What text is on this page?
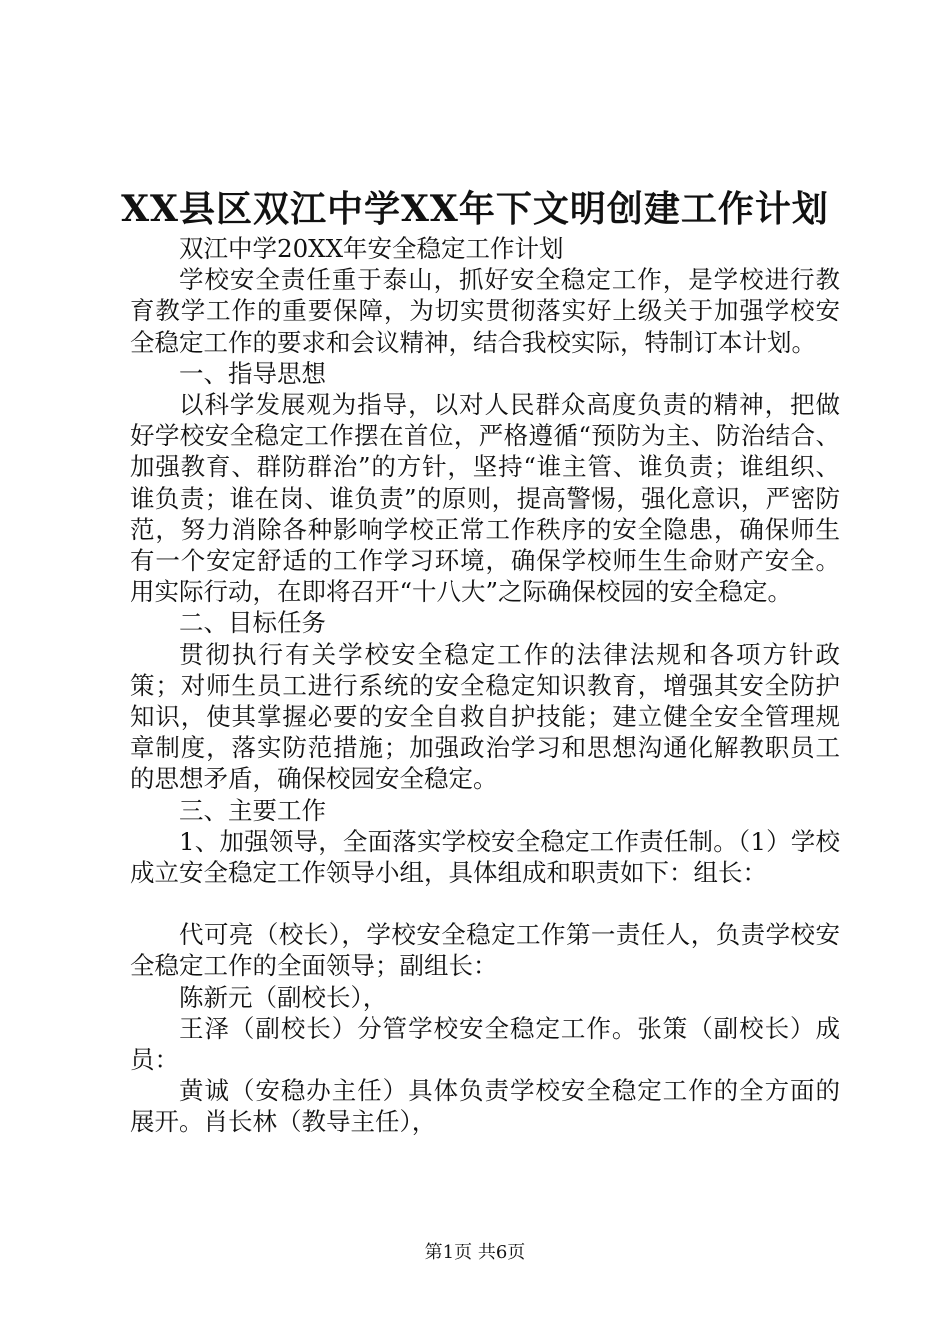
XX县区双江中学XX年下文明创建工作计划

双江中学20XX年安全稳定工作计划

学校安全责任重于泰山，抓好安全稳定工作，是学校进行教育教学工作的重要保障，为切实贯彻落实好上级关于加强学校安全稳定工作的要求和会议精神，结合我校实际，特制订本计划。

一、指导思想

以科学发展观为指导，以对人民群众高度负责的精神，把做好学校安全稳定工作摆在首位，严格遵循“预防为主、防治结合、加强教育、群防群治”的方针，坚持“谁主管、谁负责；谁组织、谁负责；谁在岗、谁负责”的原则，提高警惕，强化意识，严密防范，努力消除各种影响学校正常工作秩序的安全隐患，确保师生有一个安定舒适的工作学习环境，确保学校师生生命财产安全。用实际行动，在即将召开“十八大”之际确保校园的安全稳定。

二、目标任务

贯彻执行有关学校安全稳定工作的法律法规和各项方针政策；对师生员工进行系统的安全稳定知识教育，增强其安全防护知识，使其掌握必要的安全自救自护技能；建立健全安全管理规章制度，落实防范措施；加强政治学习和思想沟通化解教职员工的思想矛盾，确保校园安全稳定。

三、主要工作

1、加强领导，全面落实学校安全稳定工作责任制。（1）学校成立安全稳定工作领导小组，具体组成和职责如下：组长：

代可亮（校长），学校安全稳定工作第一责任人，负责学校安全稳定工作的全面领导；副组长：

陈新元（副校长），

王泽（副校长）分管学校安全稳定工作。张策（副校长）成员：

黄诚（安稳办主任）具体负责学校安全稳定工作的全方面的展开。肖长林（教导主任），

第1页 共6页
